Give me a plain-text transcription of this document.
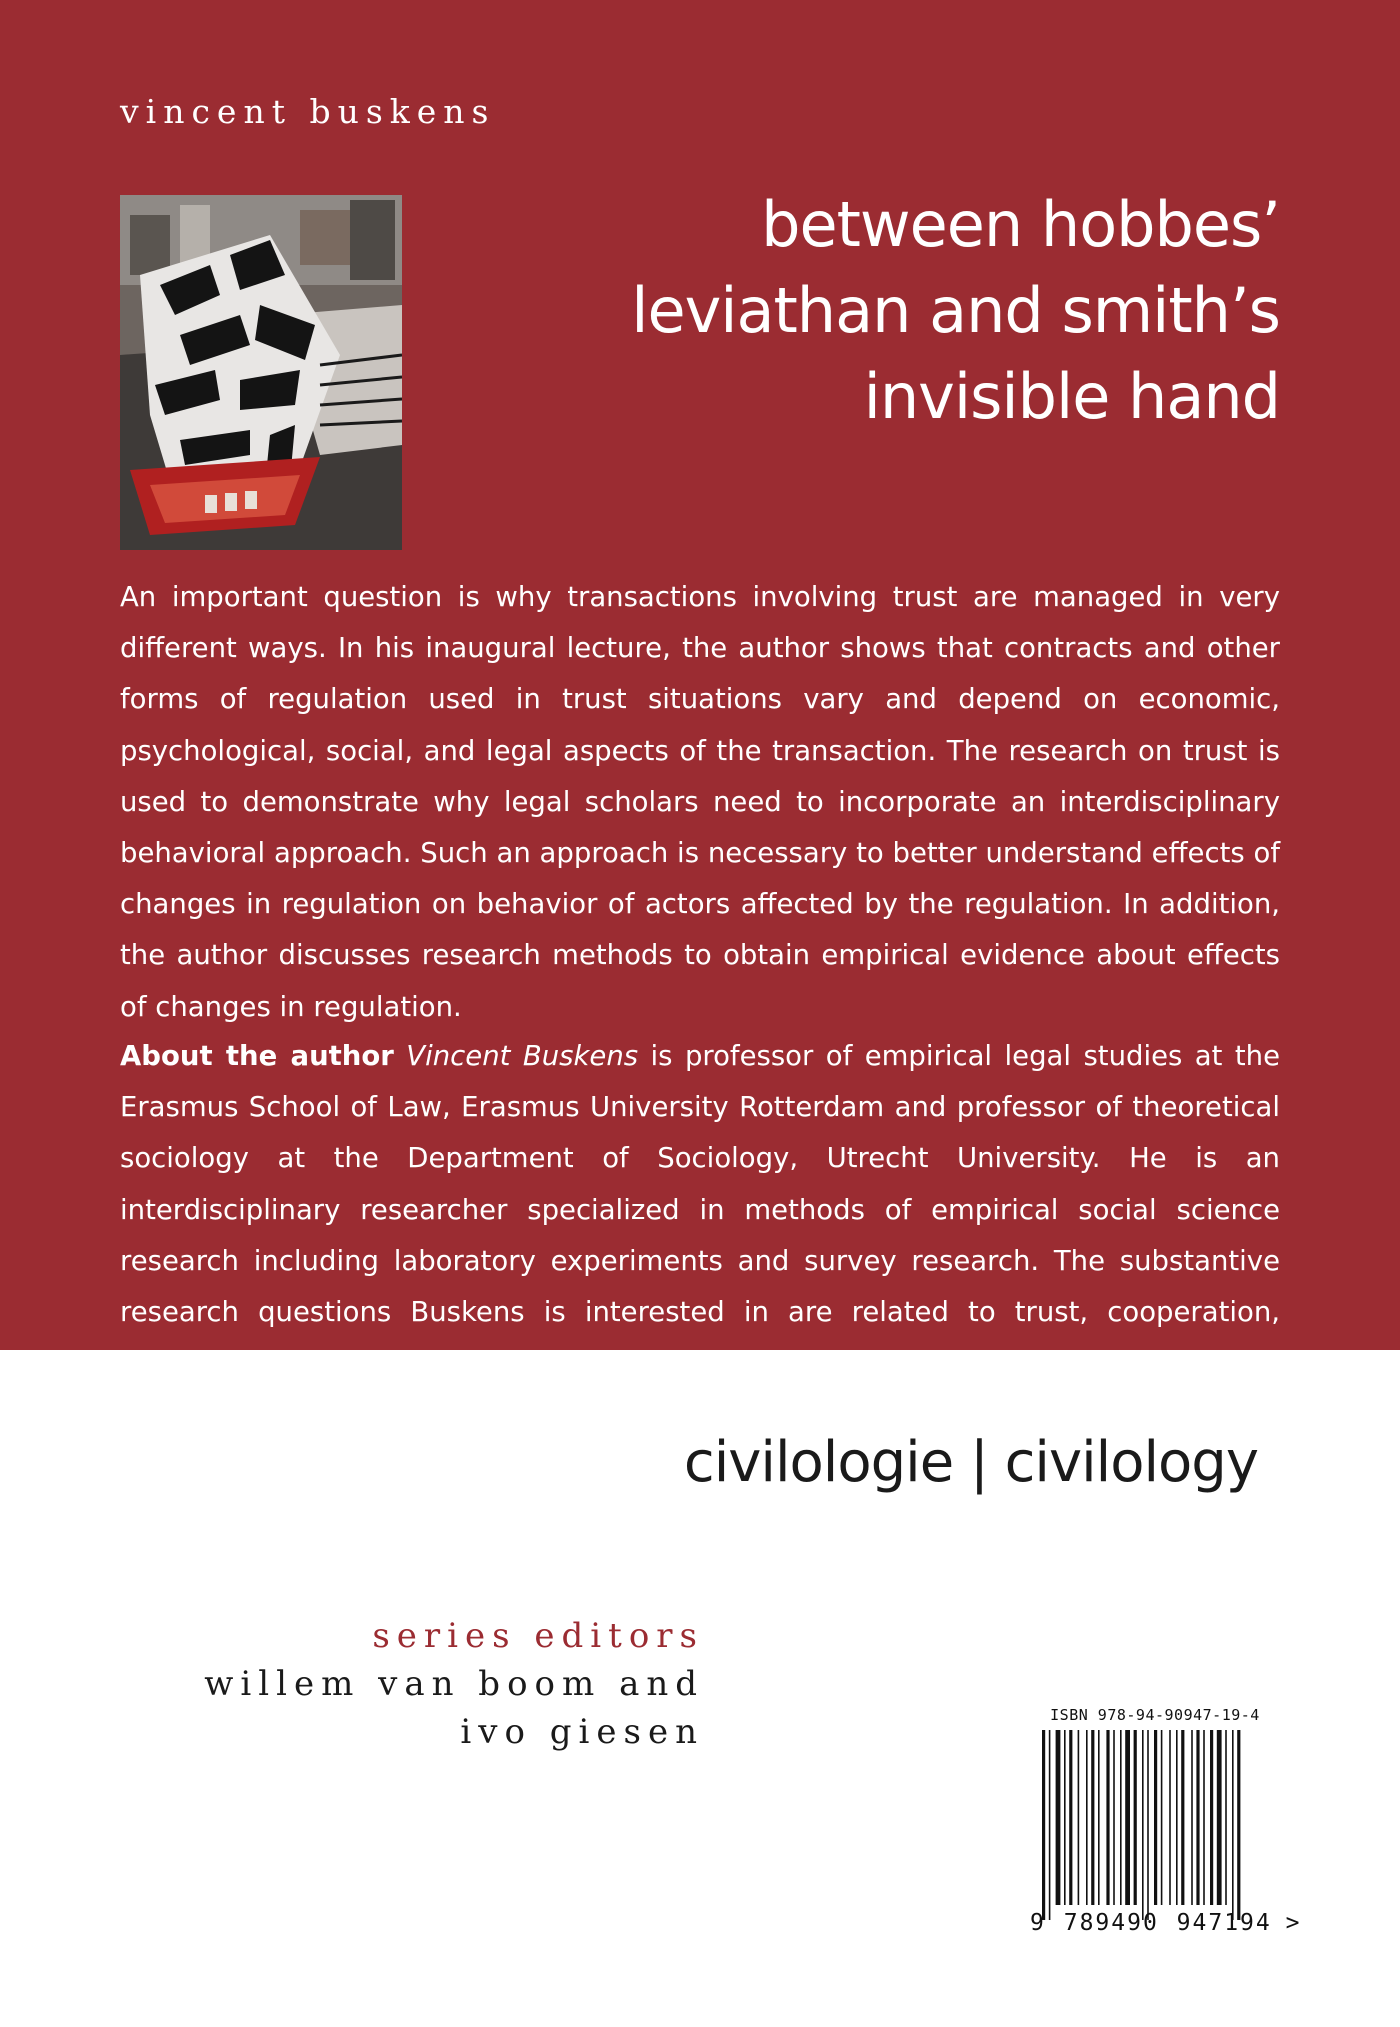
vincent buskens
between hobbes’
leviathan and smith’s
invisible hand
An important question is why transactions involving trust are managed in very different ways. In his inaugural lecture, the author shows that contracts and other forms of regulation used in trust situations vary and depend on economic, psychological, social, and legal aspects of the transaction. The research on trust is used to demonstrate why legal scholars need to incorporate an interdisciplinary behavioral approach. Such an approach is necessary to better understand effects of changes in regulation on behavior of actors affected by the regulation. In addition, the author discusses research methods to obtain empirical evidence about effects of changes in regulation.
About the author Vincent Buskens is professor of empirical legal studies at the Erasmus School of Law, Erasmus University Rotterdam and professor of theoretical sociology at the Department of Sociology, Utrecht University. He is an interdisciplinary researcher specialized in methods of empirical social science research including laboratory experiments and survey research. The substantive research questions Buskens is interested in are related to trust, cooperation, contracting, and social networks.
civilologie | civilology
series editors
willem van boom and
ivo giesen	ISBN 978-94-90947-19-4
9 789490 947194 >
